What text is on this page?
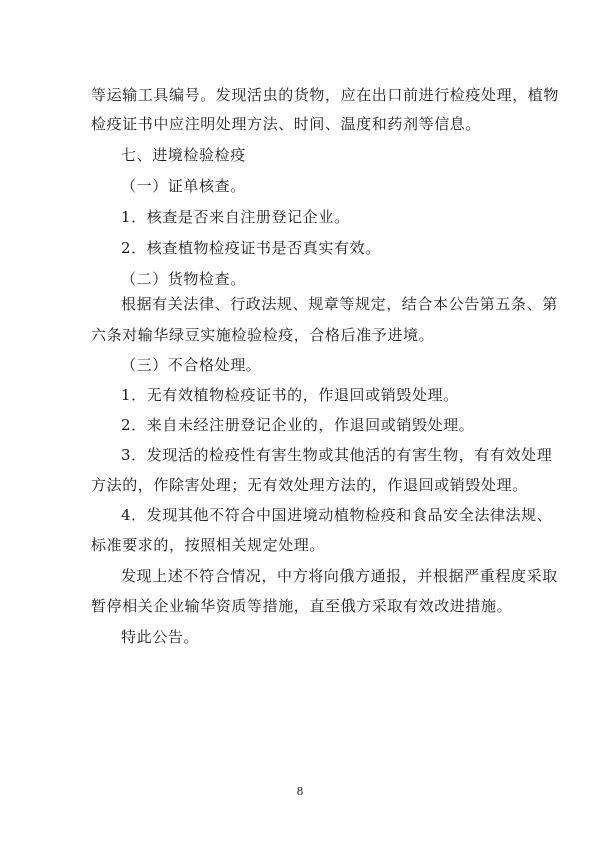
等运输工具编号。发现活虫的货物，应在出口前进行检疫处理，植物
检疫证书中应注明处理方法、时间、温度和药剂等信息。
七、进境检验检疫
（一）证单核查。
1．核查是否来自注册登记企业。
2．核查植物检疫证书是否真实有效。
（二）货物检查。
根据有关法律、行政法规、规章等规定，结合本公告第五条、第
六条对输华绿豆实施检验检疫，合格后准予进境。
（三）不合格处理。
1．无有效植物检疫证书的，作退回或销毁处理。
2．来自未经注册登记企业的，作退回或销毁处理。
3．发现活的检疫性有害生物或其他活的有害生物，有有效处理
方法的，作除害处理；无有效处理方法的，作退回或销毁处理。
4．发现其他不符合中国进境动植物检疫和食品安全法律法规、
标准要求的，按照相关规定处理。
发现上述不符合情况，中方将向俄方通报，并根据严重程度采取
暂停相关企业输华资质等措施，直至俄方采取有效改进措施。
特此公告。
8
